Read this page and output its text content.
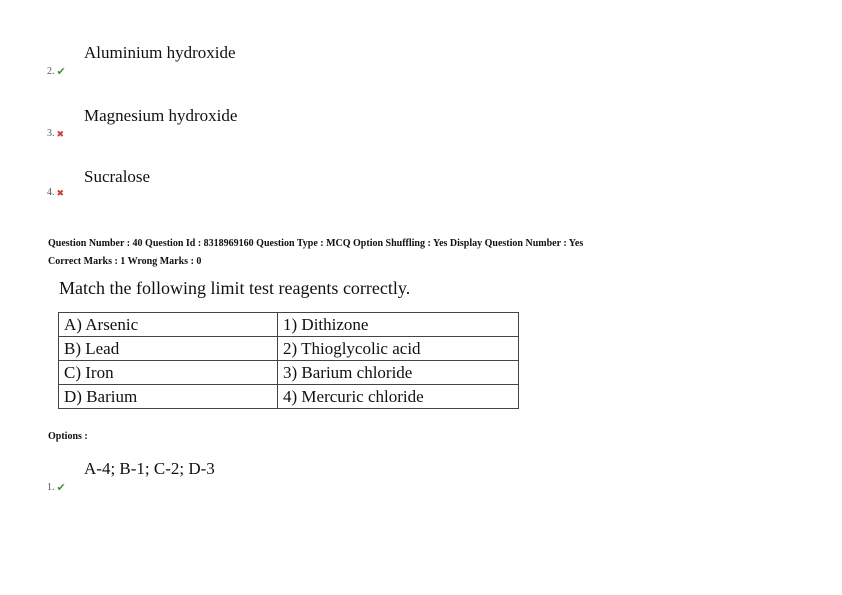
Aluminium hydroxide
2. ✔
Magnesium hydroxide
3. ✖
Sucralose
4. ✖
Question Number : 40 Question Id : 8318969160 Question Type : MCQ Option Shuffling : Yes Display Question Number : Yes
Correct Marks : 1 Wrong Marks : 0
Match the following limit test reagents correctly.
A) Arsenic	1) Dithizone
B) Lead	2) Thioglycolic acid
C) Iron	3) Barium chloride
D) Barium	4) Mercuric chloride
Options :
A-4; B-1; C-2; D-3
1. ✔
